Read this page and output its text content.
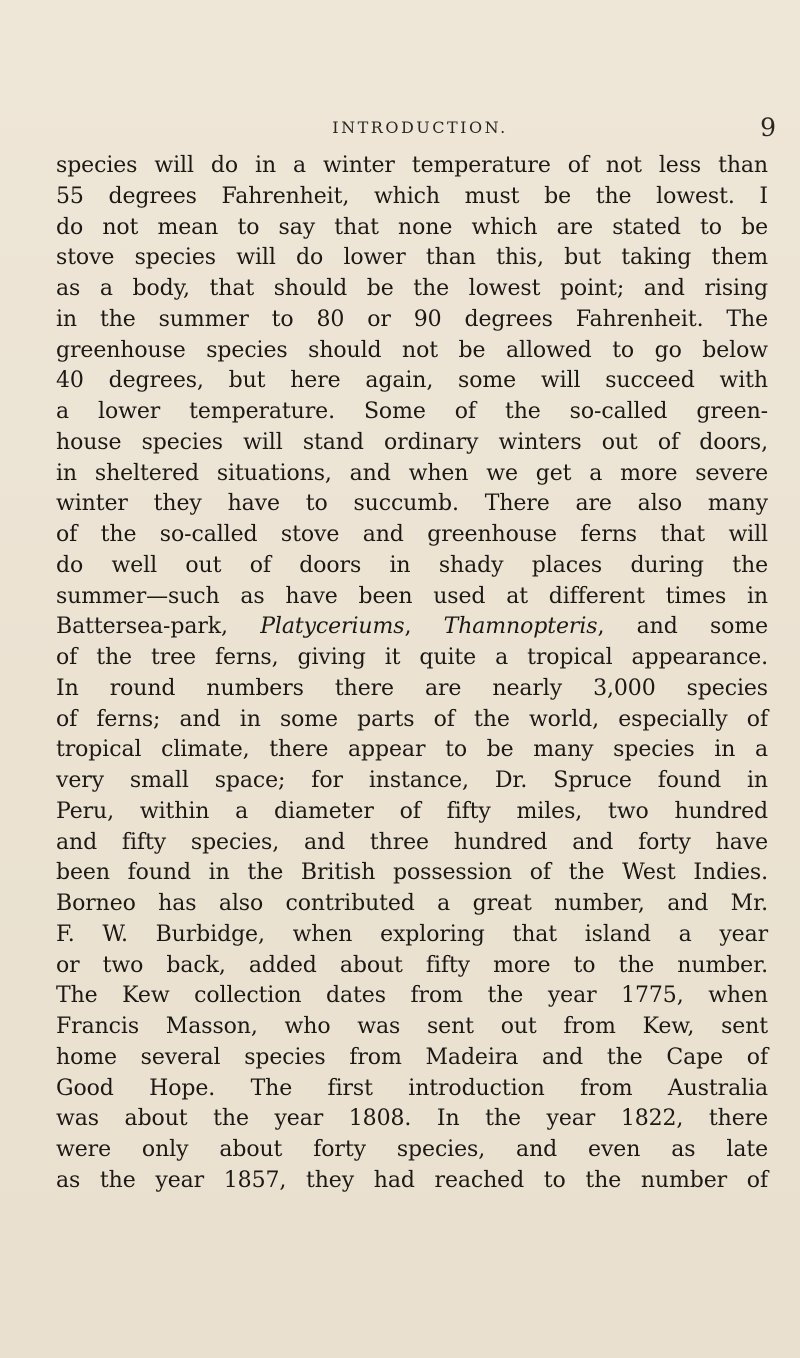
INTRODUCTION.	9
species will do in a winter temperature of not less than
55 degrees Fahrenheit, which must be the lowest. I
do not mean to say that none which are stated to be
stove species will do lower than this, but taking them
as a body, that should be the lowest point; and rising
in the summer to 80 or 90 degrees Fahrenheit. The
greenhouse species should not be allowed to go below
40 degrees, but here again, some will succeed with
a lower temperature. Some of the so-called green-
house species will stand ordinary winters out of doors,
in sheltered situations, and when we get a more severe
winter they have to succumb. There are also many
of the so-called stove and greenhouse ferns that will
do well out of doors in shady places during the
summer—such as have been used at different times in
Battersea-park, Platyceriums, Thamnopteris, and some
of the tree ferns, giving it quite a tropical appearance.
In round numbers there are nearly 3,000 species
of ferns; and in some parts of the world, especially of
tropical climate, there appear to be many species in a
very small space; for instance, Dr. Spruce found in
Peru, within a diameter of fifty miles, two hundred
and fifty species, and three hundred and forty have
been found in the British possession of the West Indies.
Borneo has also contributed a great number, and Mr.
F. W. Burbidge, when exploring that island a year
or two back, added about fifty more to the number.
The Kew collection dates from the year 1775, when
Francis Masson, who was sent out from Kew, sent
home several species from Madeira and the Cape of
Good Hope. The first introduction from Australia
was about the year 1808. In the year 1822, there
were only about forty species, and even as late
as the year 1857, they had reached to the number of
